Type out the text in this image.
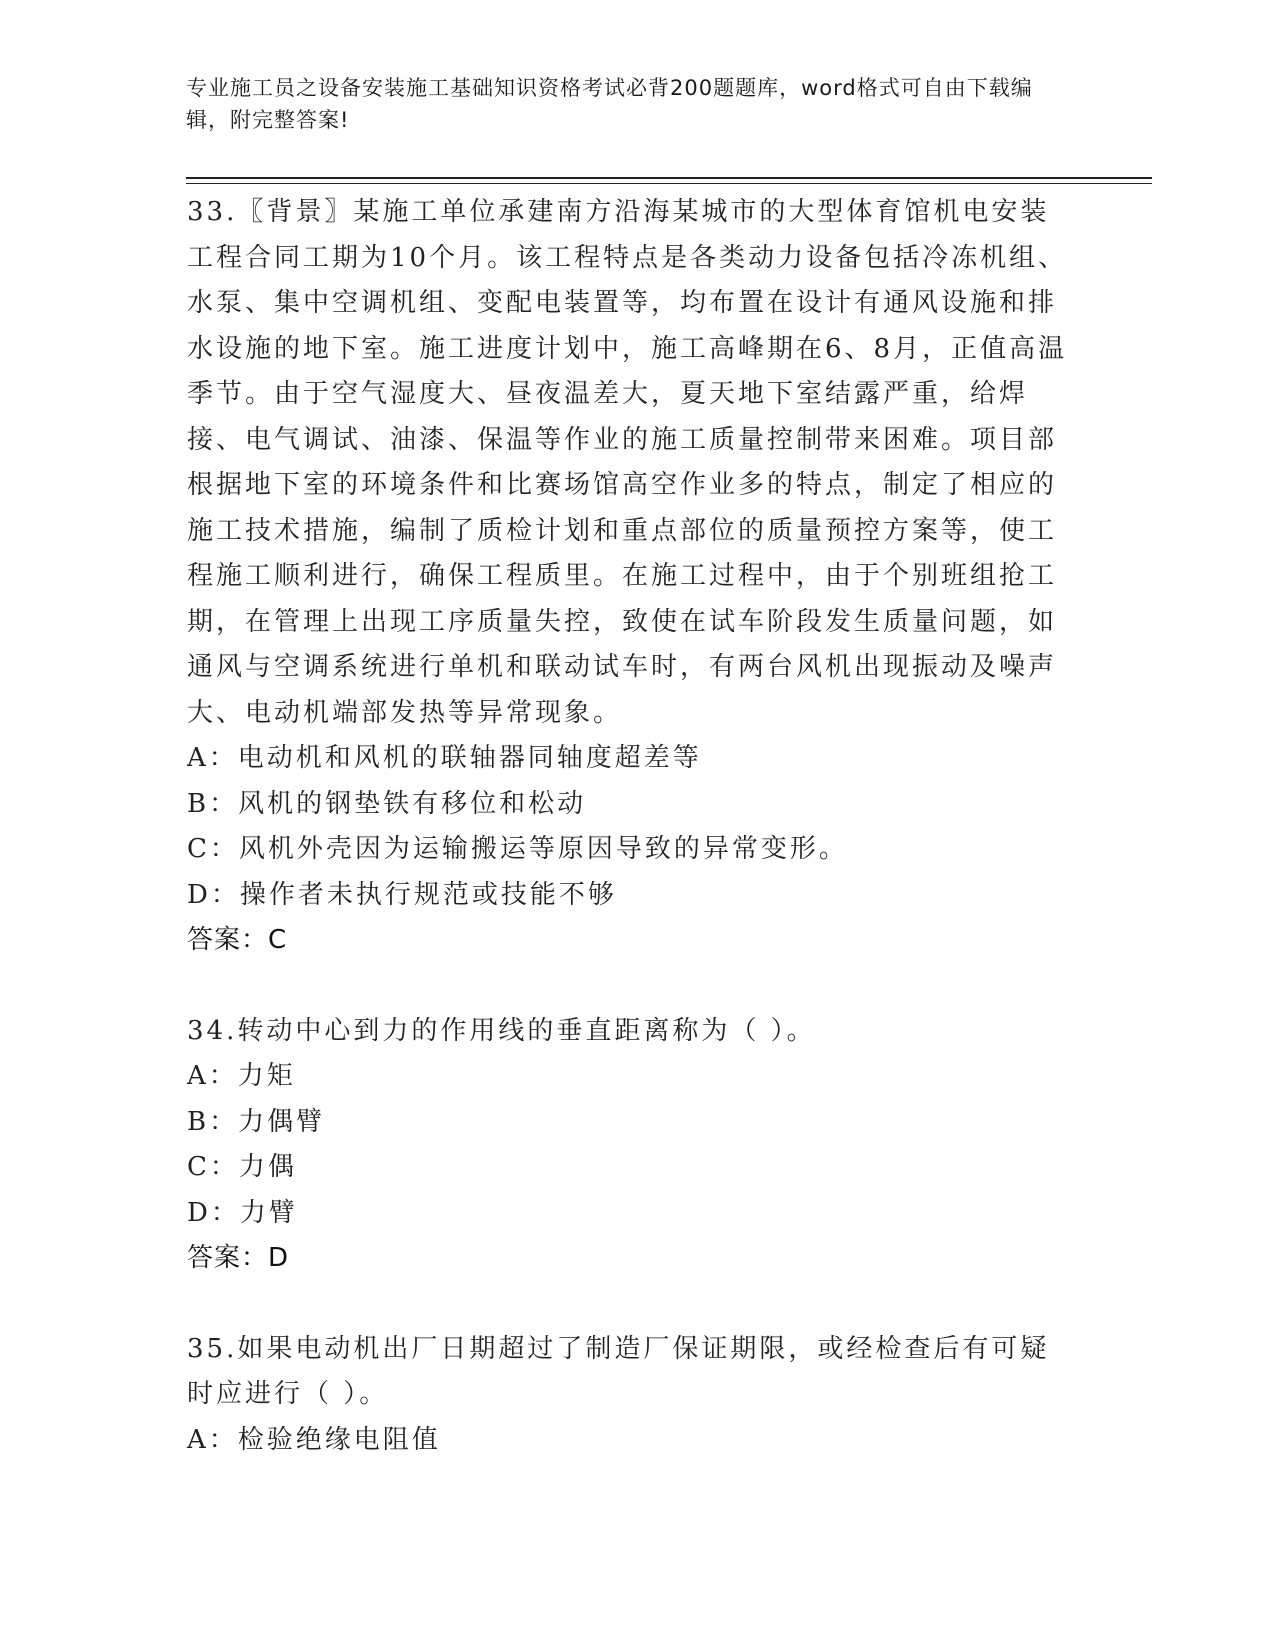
专业施工员之设备安装施工基础知识资格考试必背200题题库，word格式可自由下载编辑，附完整答案!

33.〖背景〗某施工单位承建南方沿海某城市的大型体育馆机电安装工程合同工期为10个月。该工程特点是各类动力设备包括冷冻机组、水泵、集中空调机组、变配电装置等，均布置在设计有通风设施和排水设施的地下室。施工进度计划中，施工高峰期在6、8月，正值高温季节。由于空气湿度大、昼夜温差大，夏天地下室结露严重，给焊接、电气调试、油漆、保温等作业的施工质量控制带来困难。项目部根据地下室的环境条件和比赛场馆高空作业多的特点，制定了相应的施工技术措施，编制了质检计划和重点部位的质量预控方案等，使工程施工顺利进行，确保工程质里。在施工过程中，由于个别班组抢工期，在管理上出现工序质量失控，致使在试车阶段发生质量问题，如通风与空调系统进行单机和联动试车时，有两台风机出现振动及噪声大、电动机端部发热等异常现象。

A：电动机和风机的联轴器同轴度超差等
B：风机的钢垫铁有移位和松动
C：风机外壳因为运输搬运等原因导致的异常变形。
D：操作者未执行规范或技能不够
答案：C

34.转动中心到力的作用线的垂直距离称为（ ）。

A：力矩
B：力偶臂
C：力偶
D：力臂
答案：D

35.如果电动机出厂日期超过了制造厂保证期限，或经检查后有可疑时应进行（ ）。

A：检验绝缘电阻值
